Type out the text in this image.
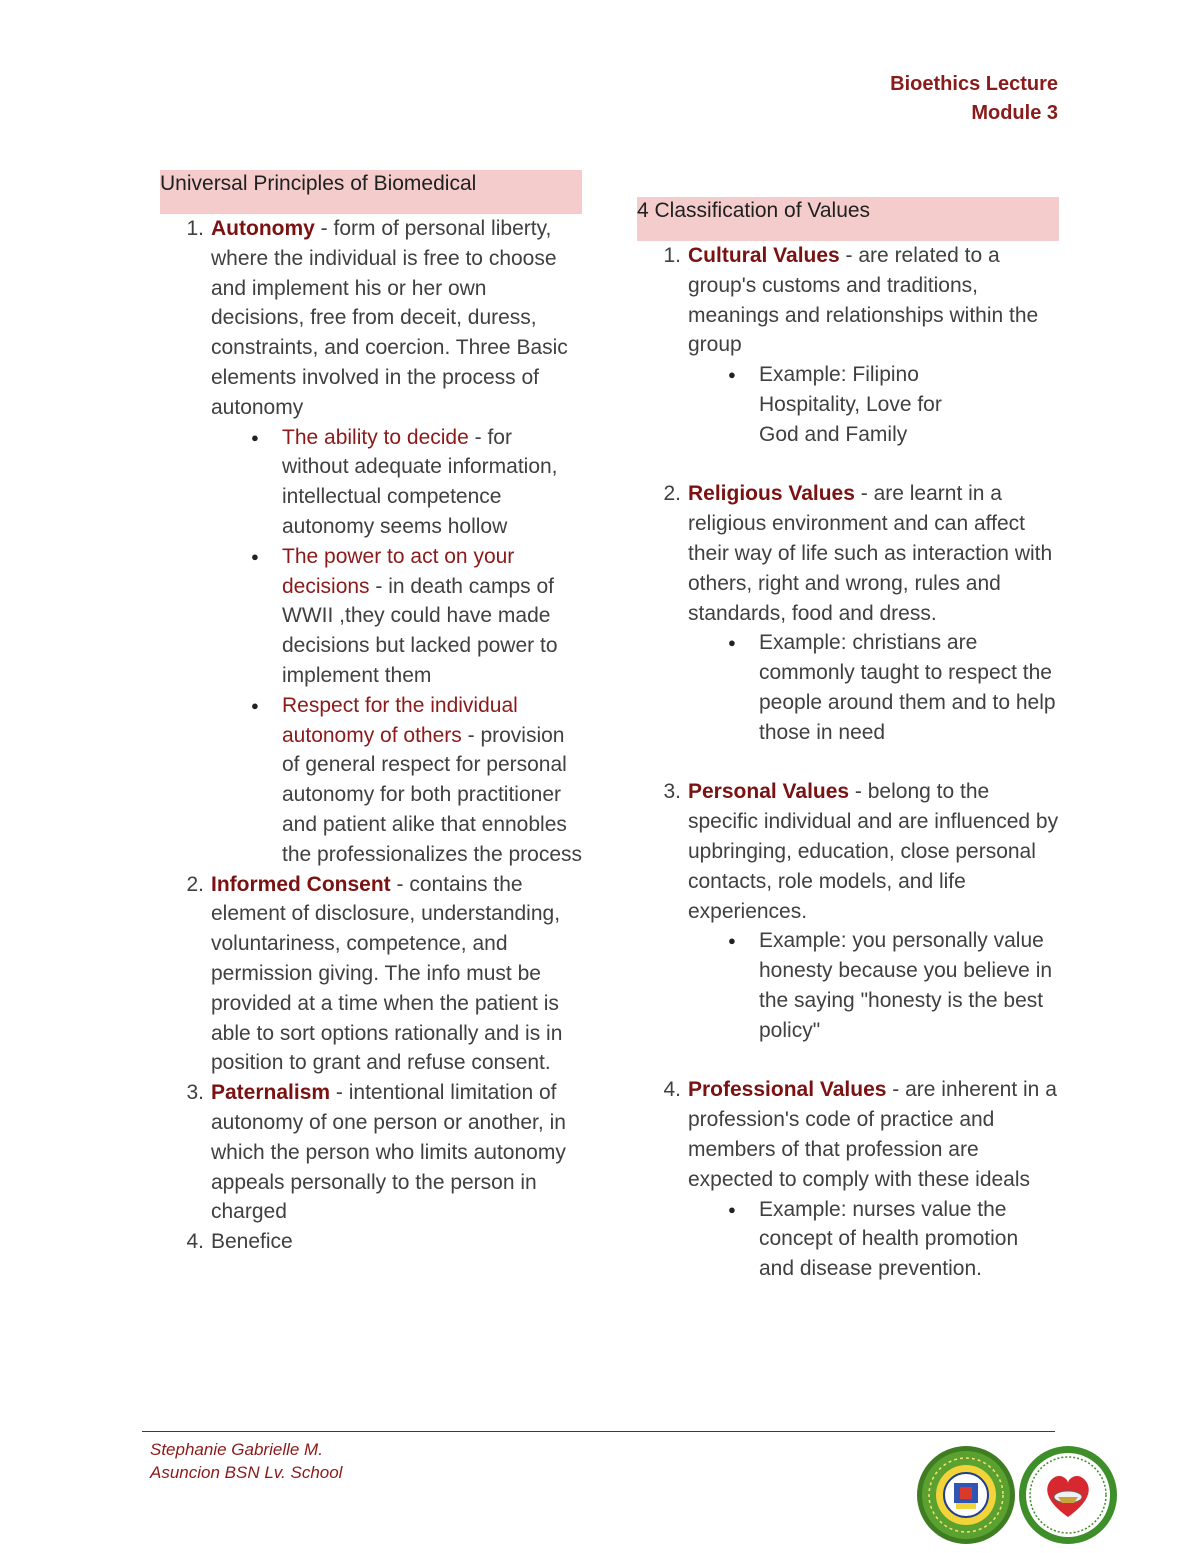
Bioethics Lecture
Module 3
Universal Principles of Biomedical
1. Autonomy - form of personal liberty, where the individual is free to choose and implement his or her own decisions, free from deceit, duress, constraints, and coercion. Three Basic elements involved in the process of autonomy
● The ability to decide - for without adequate information, intellectual competence autonomy seems hollow
● The power to act on your decisions - in death camps of WWII ,they could have made decisions but lacked power to implement them
● Respect for the individual autonomy of others - provision of general respect for personal autonomy for both practitioner and patient alike that ennobles the professionalizes the process
2. Informed Consent - contains the element of disclosure, understanding, voluntariness, competence, and permission giving. The info must be provided at a time when the patient is able to sort options rationally and is in position to grant and refuse consent.
3. Paternalism - intentional limitation of autonomy of one person or another, in which the person who limits autonomy appeals personally to the person in charged
4. Benefice
4 Classification of Values
1. Cultural Values - are related to a group's customs and traditions, meanings and relationships within the group
● Example: Filipino Hospitality, Love for God and Family
2. Religious Values - are learnt in a religious environment and can affect their way of life such as interaction with others, right and wrong, rules and standards, food and dress.
● Example: christians are commonly taught to respect the people around them and to help those in need
3. Personal Values - belong to the specific individual and are influenced by upbringing, education, close personal contacts, role models, and life experiences.
● Example: you personally value honesty because you believe in the saying "honesty is the best policy"
4. Professional Values - are inherent in a profession's code of practice and members of that profession are expected to comply with these ideals
● Example: nurses value the concept of health promotion and disease prevention.
Stephanie Gabrielle M.
Asuncion BSN Lv. School
